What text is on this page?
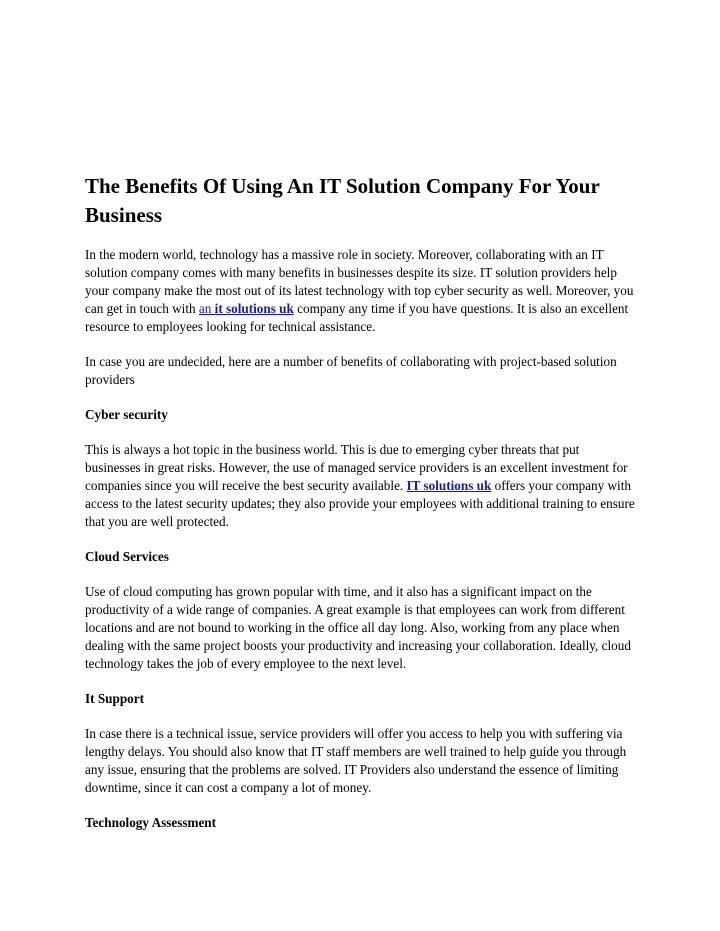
The Benefits Of Using An IT Solution Company For Your Business

In the modern world, technology has a massive role in society. Moreover, collaborating with an IT solution company comes with many benefits in businesses despite its size. IT solution providers help your company make the most out of its latest technology with top cyber security as well. Moreover, you can get in touch with an it solutions uk company any time if you have questions. It is also an excellent resource to employees looking for technical assistance.

In case you are undecided, here are a number of benefits of collaborating with project-based solution providers

Cyber security

This is always a hot topic in the business world. This is due to emerging cyber threats that put businesses in great risks. However, the use of managed service providers is an excellent investment for companies since you will receive the best security available. IT solutions uk offers your company with access to the latest security updates; they also provide your employees with additional training to ensure that you are well protected.

Cloud Services

Use of cloud computing has grown popular with time, and it also has a significant impact on the productivity of a wide range of companies. A great example is that employees can work from different locations and are not bound to working in the office all day long. Also, working from any place when dealing with the same project boosts your productivity and increasing your collaboration. Ideally, cloud technology takes the job of every employee to the next level.

It Support

In case there is a technical issue, service providers will offer you access to help you with suffering via lengthy delays. You should also know that IT staff members are well trained to help guide you through any issue, ensuring that the problems are solved. IT Providers also understand the essence of limiting downtime, since it can cost a company a lot of money.

Technology Assessment
